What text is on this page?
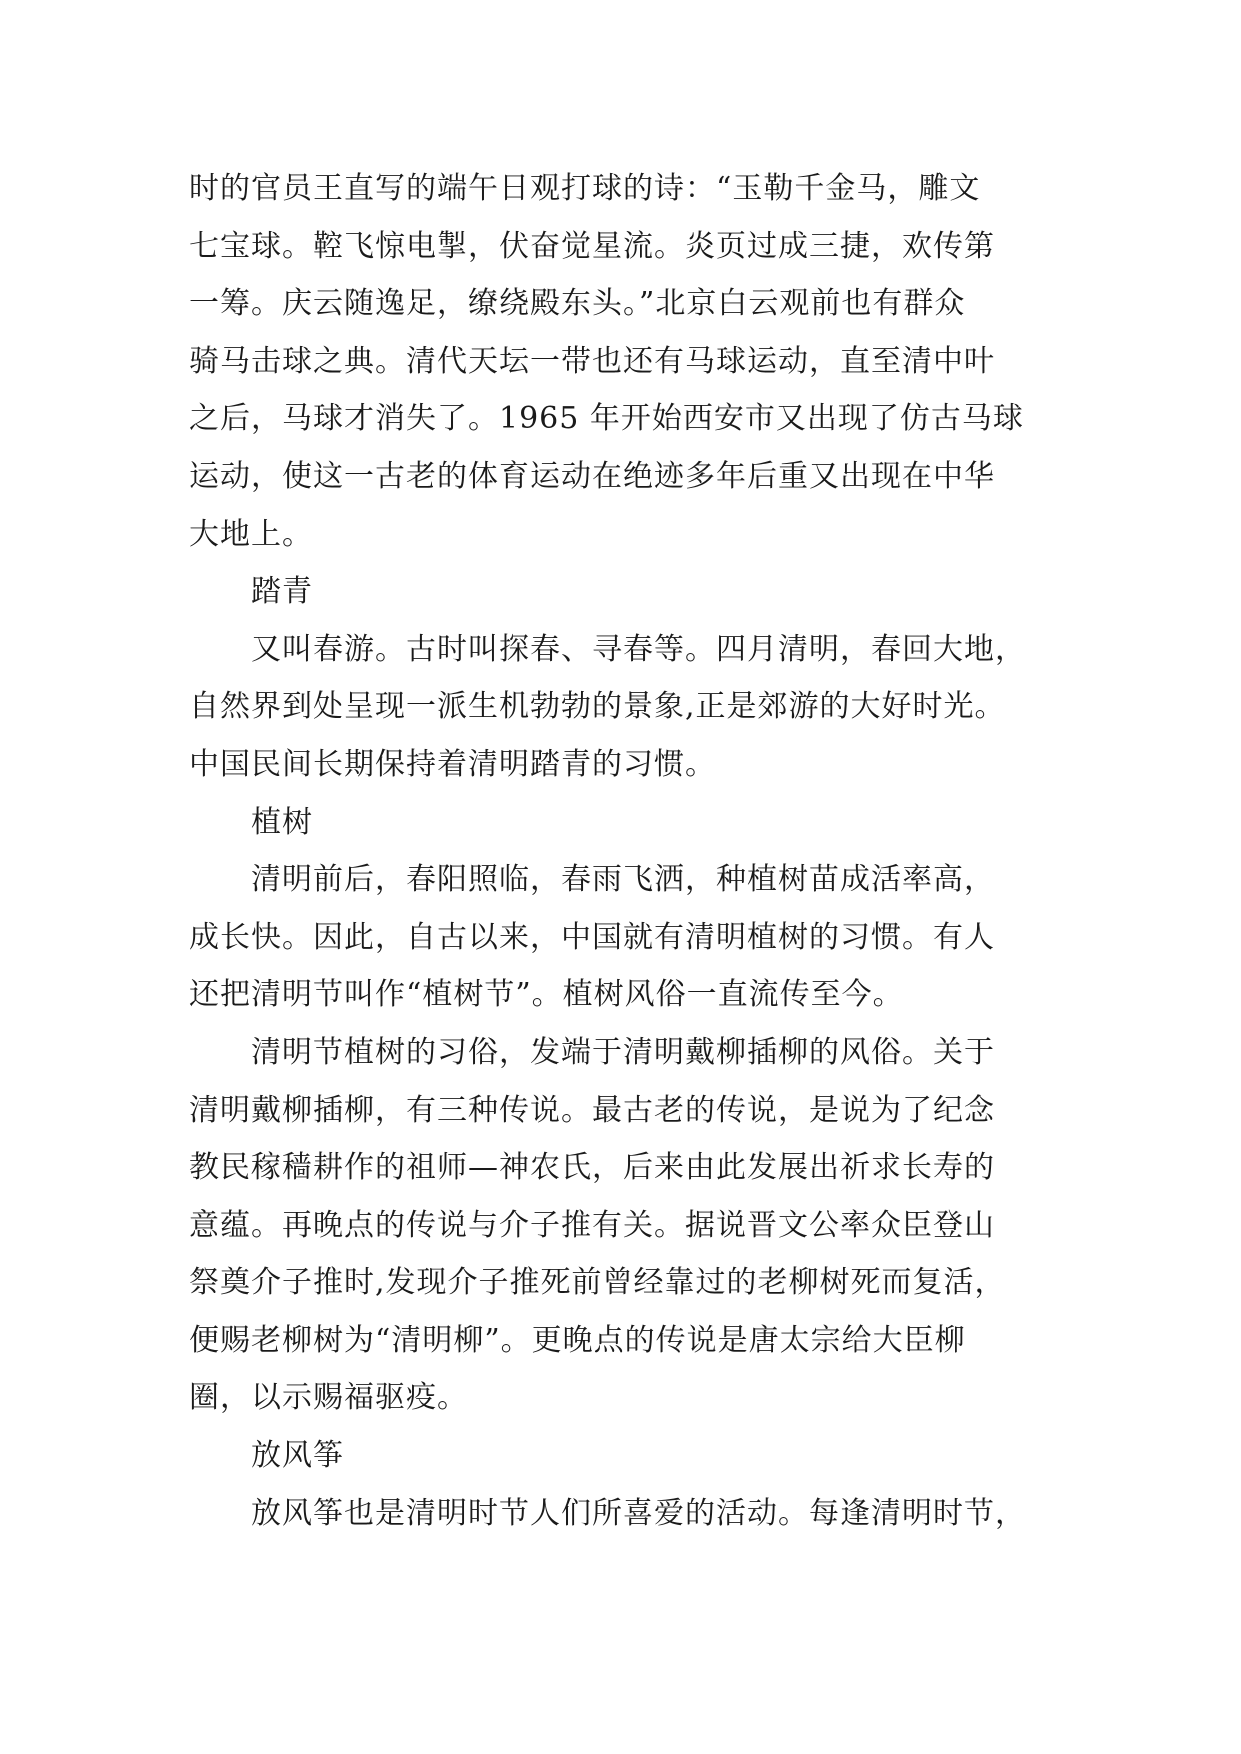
时的官员王直写的端午日观打球的诗：“玉勒千金马，雕文
七宝球。鞚飞惊电掣，伏奋觉星流。炎页过成三捷，欢传第
一筹。庆云随逸足，缭绕殿东头。”北京白云观前也有群众
骑马击球之典。清代天坛一带也还有马球运动，直至清中叶
之后，马球才消失了。1965 年开始西安市又出现了仿古马球
运动，使这一古老的体育运动在绝迹多年后重又出现在中华
大地上。
踏青
又叫春游。古时叫探春、寻春等。四月清明，春回大地，
自然界到处呈现一派生机勃勃的景象,正是郊游的大好时光。
中国民间长期保持着清明踏青的习惯。
植树
清明前后，春阳照临，春雨飞洒，种植树苗成活率高，
成长快。因此，自古以来，中国就有清明植树的习惯。有人
还把清明节叫作“植树节”。植树风俗一直流传至今。
清明节植树的习俗，发端于清明戴柳插柳的风俗。关于
清明戴柳插柳，有三种传说。最古老的传说，是说为了纪念
教民稼穑耕作的祖师—神农氏，后来由此发展出祈求长寿的
意蕴。再晚点的传说与介子推有关。据说晋文公率众臣登山
祭奠介子推时,发现介子推死前曾经靠过的老柳树死而复活，
便赐老柳树为“清明柳”。更晚点的传说是唐太宗给大臣柳
圈，以示赐福驱疫。
放风筝
放风筝也是清明时节人们所喜爱的活动。每逢清明时节，
